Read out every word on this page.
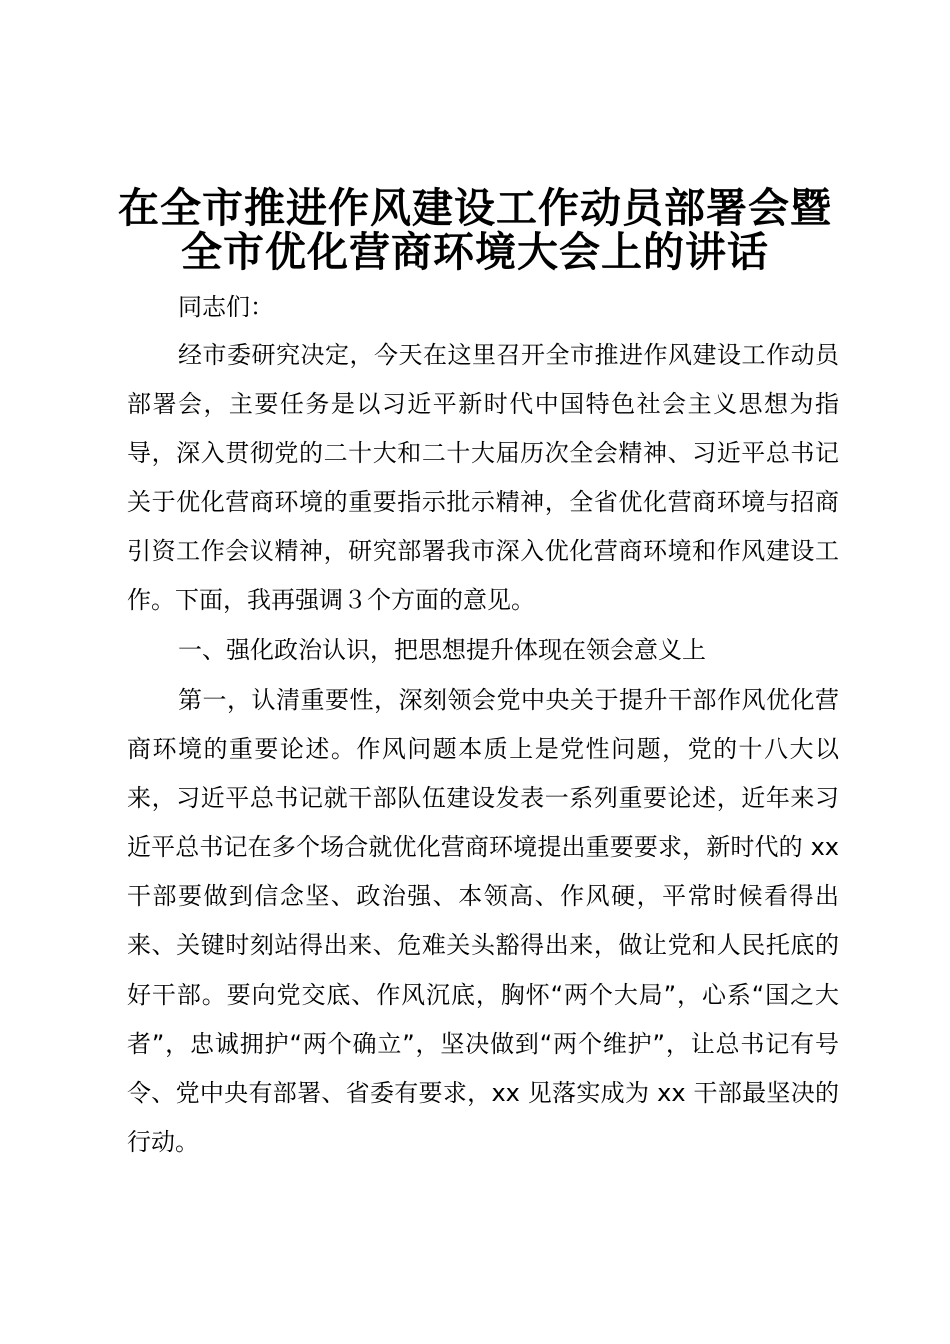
在全市推进作风建设工作动员部署会暨
全市优化营商环境大会上的讲话

同志们：

经市委研究决定，今天在这里召开全市推进作风建设工作动员部署会，主要任务是以习近平新时代中国特色社会主义思想为指导，深入贯彻党的二十大和二十大届历次全会精神、习近平总书记关于优化营商环境的重要指示批示精神，全省优化营商环境与招商引资工作会议精神，研究部署我市深入优化营商环境和作风建设工作。下面，我再强调３个方面的意见。

一、强化政治认识，把思想提升体现在领会意义上

第一，认清重要性，深刻领会党中央关于提升干部作风优化营商环境的重要论述。作风问题本质上是党性问题，党的十八大以来，习近平总书记就干部队伍建设发表一系列重要论述，近年来习近平总书记在多个场合就优化营商环境提出重要要求，新时代的 xx 干部要做到信念坚、政治强、本领高、作风硬，平常时候看得出来、关键时刻站得出来、危难关头豁得出来，做让党和人民托底的好干部。要向党交底、作风沉底，胸怀“两个大局”，心系“国之大者”，忠诚拥护“两个确立”，坚决做到“两个维护”，让总书记有号令、党中央有部署、省委有要求，xx 见落实成为 xx 干部最坚决的行动。
